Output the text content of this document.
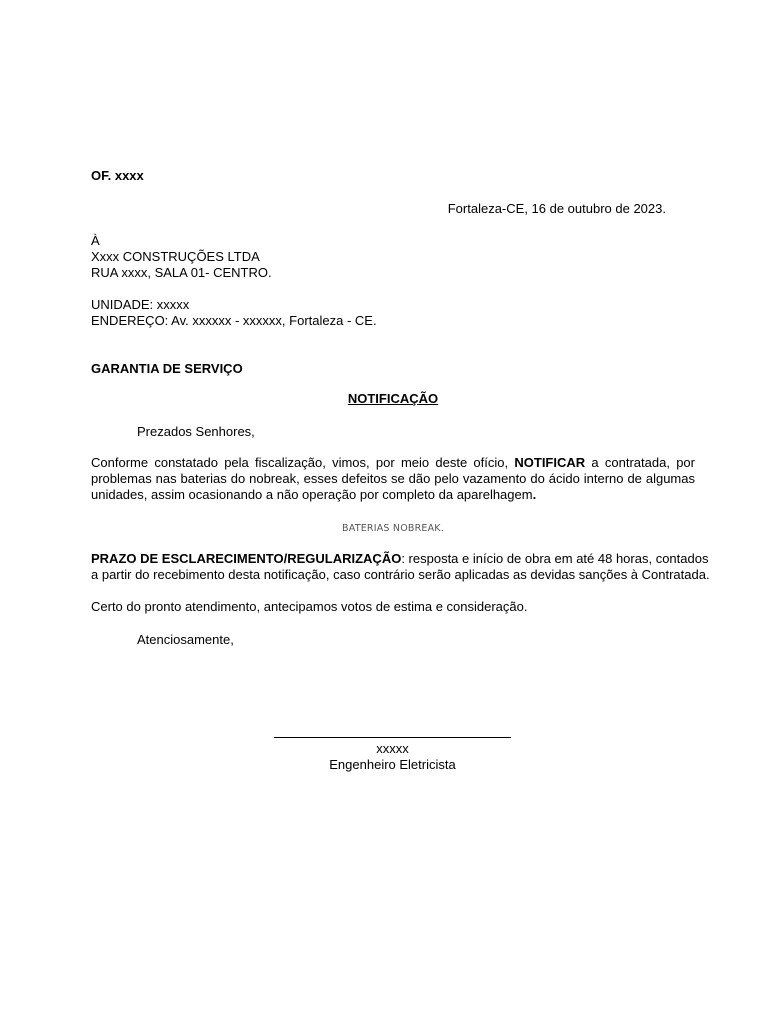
OF. xxxx

Fortaleza-CE, 16 de outubro de 2023.

À
Xxxx CONSTRUÇÕES LTDA
RUA xxxx, SALA 01- CENTRO.
UNIDADE: xxxxx
ENDEREÇO: Av. xxxxxx - xxxxxx, Fortaleza - CE.

GARANTIA DE SERVIÇO

NOTIFICAÇÃO

Prezados Senhores,

Conforme constatado pela fiscalização, vimos, por meio deste ofício, NOTIFICAR a contratada, por problemas nas baterias do nobreak, esses defeitos se dão pelo vazamento do ácido interno de algumas unidades, assim ocasionando a não operação por completo da aparelhagem.

BATERIAS NOBREAK.

PRAZO DE ESCLARECIMENTO/REGULARIZAÇÃO: resposta e início de obra em até 48 horas, contados
a partir do recebimento desta notificação, caso contrário serão aplicadas as devidas sanções à Contratada.

Certo do pronto atendimento, antecipamos votos de estima e consideração.

Atenciosamente,

xxxxx

Engenheiro Eletricista
